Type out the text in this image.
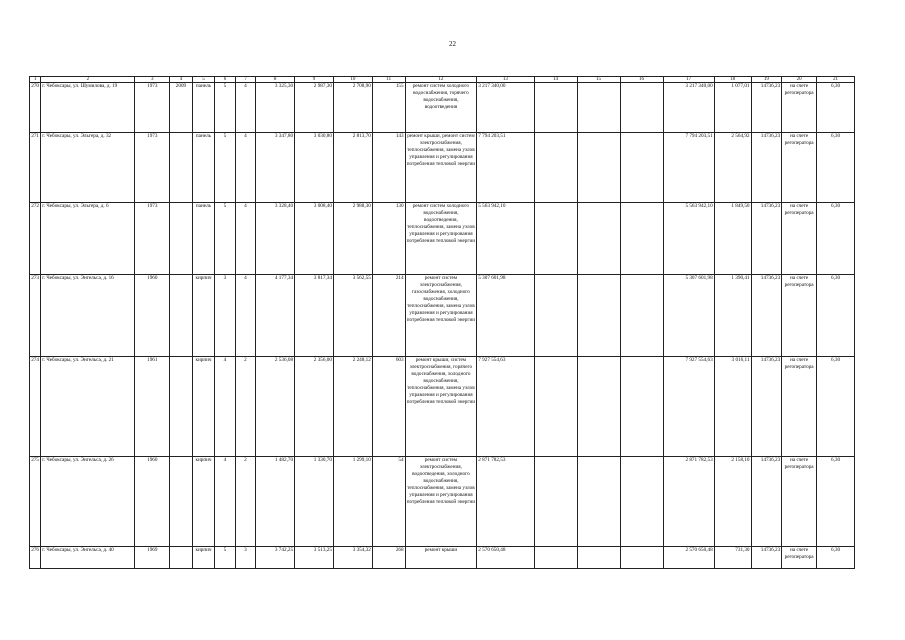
22
1	2	3	4	5	6	7	8	9	10	11	12	13	14	15	16	17	18	19	20	21
270	г. Чебоксары, ул. Шумилова, д. 19	1973	2009	панель	5	4	3 325,30	2 987,30	2 708,90	155	ремонт систем холодного водоснабжения, горячего водоснабжения, водоотведения	3 217 340,00				3 217 340,00	1 077,01	14736,23	на счете регоператора	6,30
271	г. Чебоксары, ул. Эльгера, д. 32	1973		панель	5	4	3 347,80	3 030,80	2 813,70	143	ремонт крыши, ремонт систем электроснабжения, теплоснабжения, замена узлов управления и регулирования потребления тепловой энергии	7 794 203,51				7 794 203,51	2 564,92	14736,23	на счете регоператора	6,30
272	г. Чебоксары, ул. Эльгера, д. 6	1973		панель	5	4	3 328,40	3 008,40	2 988,30	130	ремонт систем холодного водоснабжения, водоотведения, теплоснабжения, замена узлов управления и регулирования потребления тепловой энергии	5 563 942,10				5 563 942,10	1 849,50	14736,23	на счете регоператора	6,30
273	г. Чебоксары, ул. Энгельса, д. 16	1960		кирпич	3	4	4 177,34	3 817,34	3 562,55	214	ремонт систем электроснабжения, газоснабжения, холодного водоснабжения, теплоснабжения, замена узлов управления и регулирования потребления тепловой энергии	5 307 601,98				5 307 601,98	1 390,41	14736,23	на счете регоператора	6,30
274	г. Чебоксары, ул. Энгельса, д. 21	1961		кирпич	4	2	2 536,08	2 356,00	2 248,12	603	ремонт крыши, систем электроснабжения, горячего водоснабжения, холодного водоснабжения, теплоснабжения, замена узлов управления и регулирования потребления тепловой энергии	7 927 554,63				7 927 554,63	3 016,11	14736,23	на счете регоператора	6,30
275	г. Чебоксары, ул. Энгельса, д. 26	1960		кирпич	4	2	1 482,70	1 330,70	1 299,10	54	ремонт систем электроснабжения, водоотведения, холодного водоснабжения, теплоснабжения, замена узлов управления и регулирования потребления тепловой энергии	2 871 782,53				2 871 782,53	2 158,10	14736,23	на счете регоператора	6,30
276	г. Чебоксары, ул. Энгельса, д. 40	1969		кирпич	5	3	3 742,25	3 513,25	3 354,32	268	ремонт крыши	2 570 650,48				2 570 650,48	731,30	14736,23	на счете регоператора	6,30
